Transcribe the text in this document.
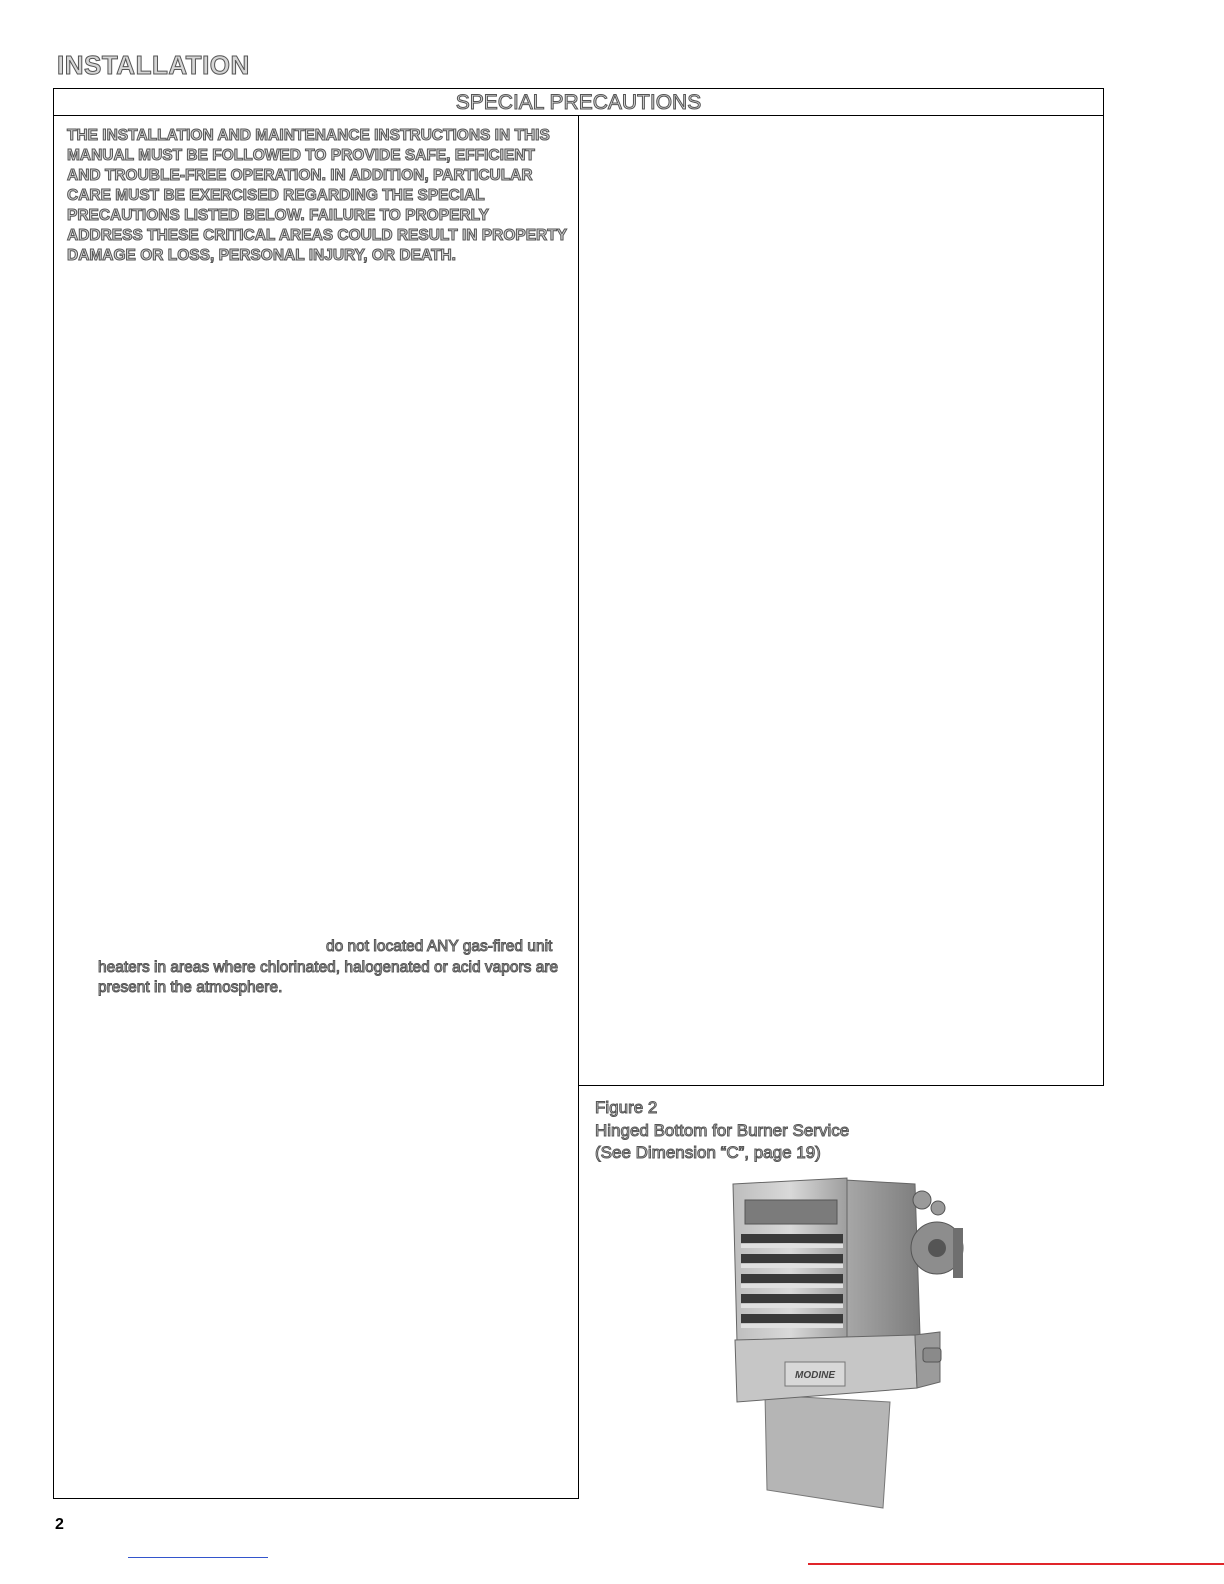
INSTALLATION
SPECIAL PRECAUTIONS

THE INSTALLATION AND MAINTENANCE INSTRUCTIONS IN THIS MANUAL MUST BE FOLLOWED TO PROVIDE SAFE, EFFICIENT AND TROUBLE-FREE OPERATION. IN ADDITION, PARTICULAR CARE MUST BE EXERCISED REGARDING THE SPECIAL PRECAUTIONS LISTED BELOW. FAILURE TO PROPERLY ADDRESS THESE CRITICAL AREAS COULD RESULT IN PROPERTY DAMAGE OR LOSS, PERSONAL INJURY, OR DEATH.

do not located ANY gas-fired unit heaters in areas where chlorinated, halogenated or acid vapors are present in the atmosphere.

Figure 2
Hinged Bottom for Burner Service
(See Dimension “C”, page 19)
MODINE
2
